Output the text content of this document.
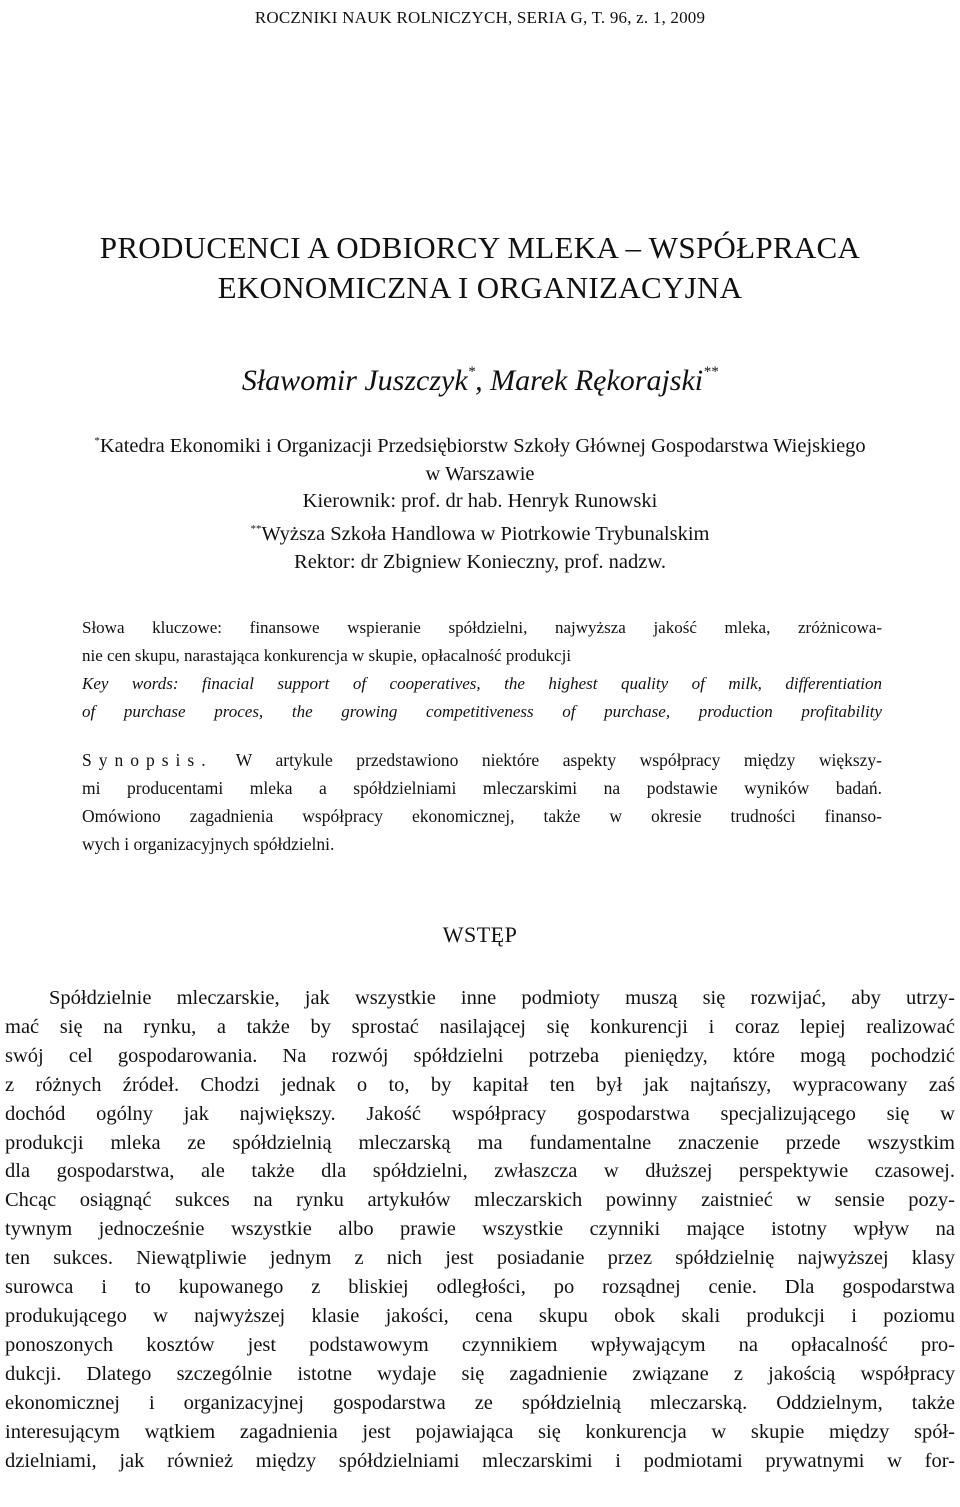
ROCZNIKI NAUK ROLNICZYCH, SERIA G, T. 96, z. 1, 2009
PRODUCENCI A ODBIORCY MLEKA – WSPÓŁPRACA
EKONOMICZNA I ORGANIZACYJNA
Sławomir Juszczyk*, Marek Rękorajski**
*Katedra Ekonomiki i Organizacji Przedsiębiorstw Szkoły Głównej Gospodarstwa Wiejskiego
w Warszawie
Kierownik: prof. dr hab. Henryk Runowski
**Wyższa Szkoła Handlowa w Piotrkowie Trybunalskim
Rektor: dr Zbigniew Konieczny, prof. nadzw.
Słowa kluczowe: finansowe wspieranie spółdzielni, najwyższa jakość mleka, zróżnicowa-
nie cen skupu, narastająca konkurencja w skupie, opłacalność produkcji
Key words: finacial support of cooperatives, the highest quality of milk, differentiation
of purchase proces, the growing competitiveness of purchase, production profitability
Synopsis. W artykule przedstawiono niektóre aspekty współpracy między większy-
mi producentami mleka a spółdzielniami mleczarskimi na podstawie wyników badań.
Omówiono zagadnienia współpracy ekonomicznej, także w okresie trudności finanso-
wych i organizacyjnych spółdzielni.
WSTĘP
Spółdzielnie mleczarskie, jak wszystkie inne podmioty muszą się rozwijać, aby utrzy-
mać się na rynku, a także by sprostać nasilającej się konkurencji i coraz lepiej realizować
swój cel gospodarowania. Na rozwój spółdzielni potrzeba pieniędzy, które mogą pochodzić
z różnych źródeł. Chodzi jednak o to, by kapitał ten był jak najtańszy, wypracowany zaś
dochód ogólny jak największy. Jakość współpracy gospodarstwa specjalizującego się w
produkcji mleka ze spółdzielnią mleczarską ma fundamentalne znaczenie przede wszystkim
dla gospodarstwa, ale także dla spółdzielni, zwłaszcza w dłuższej perspektywie czasowej.
Chcąc osiągnąć sukces na rynku artykułów mleczarskich powinny zaistnieć w sensie pozy-
tywnym jednocześnie wszystkie albo prawie wszystkie czynniki mające istotny wpływ na
ten sukces. Niewątpliwie jednym z nich jest posiadanie przez spółdzielnię najwyższej klasy
surowca i to kupowanego z bliskiej odległości, po rozsądnej cenie. Dla gospodarstwa
produkującego w najwyższej klasie jakości, cena skupu obok skali produkcji i poziomu
ponoszonych kosztów jest podstawowym czynnikiem wpływającym na opłacalność pro-
dukcji. Dlatego szczególnie istotne wydaje się zagadnienie związane z jakością współpracy
ekonomicznej i organizacyjnej gospodarstwa ze spółdzielnią mleczarską. Oddzielnym, także
interesującym wątkiem zagadnienia jest pojawiająca się konkurencja w skupie między spół-
dzielniami, jak również między spółdzielniami mleczarskimi i podmiotami prywatnymi w for-
